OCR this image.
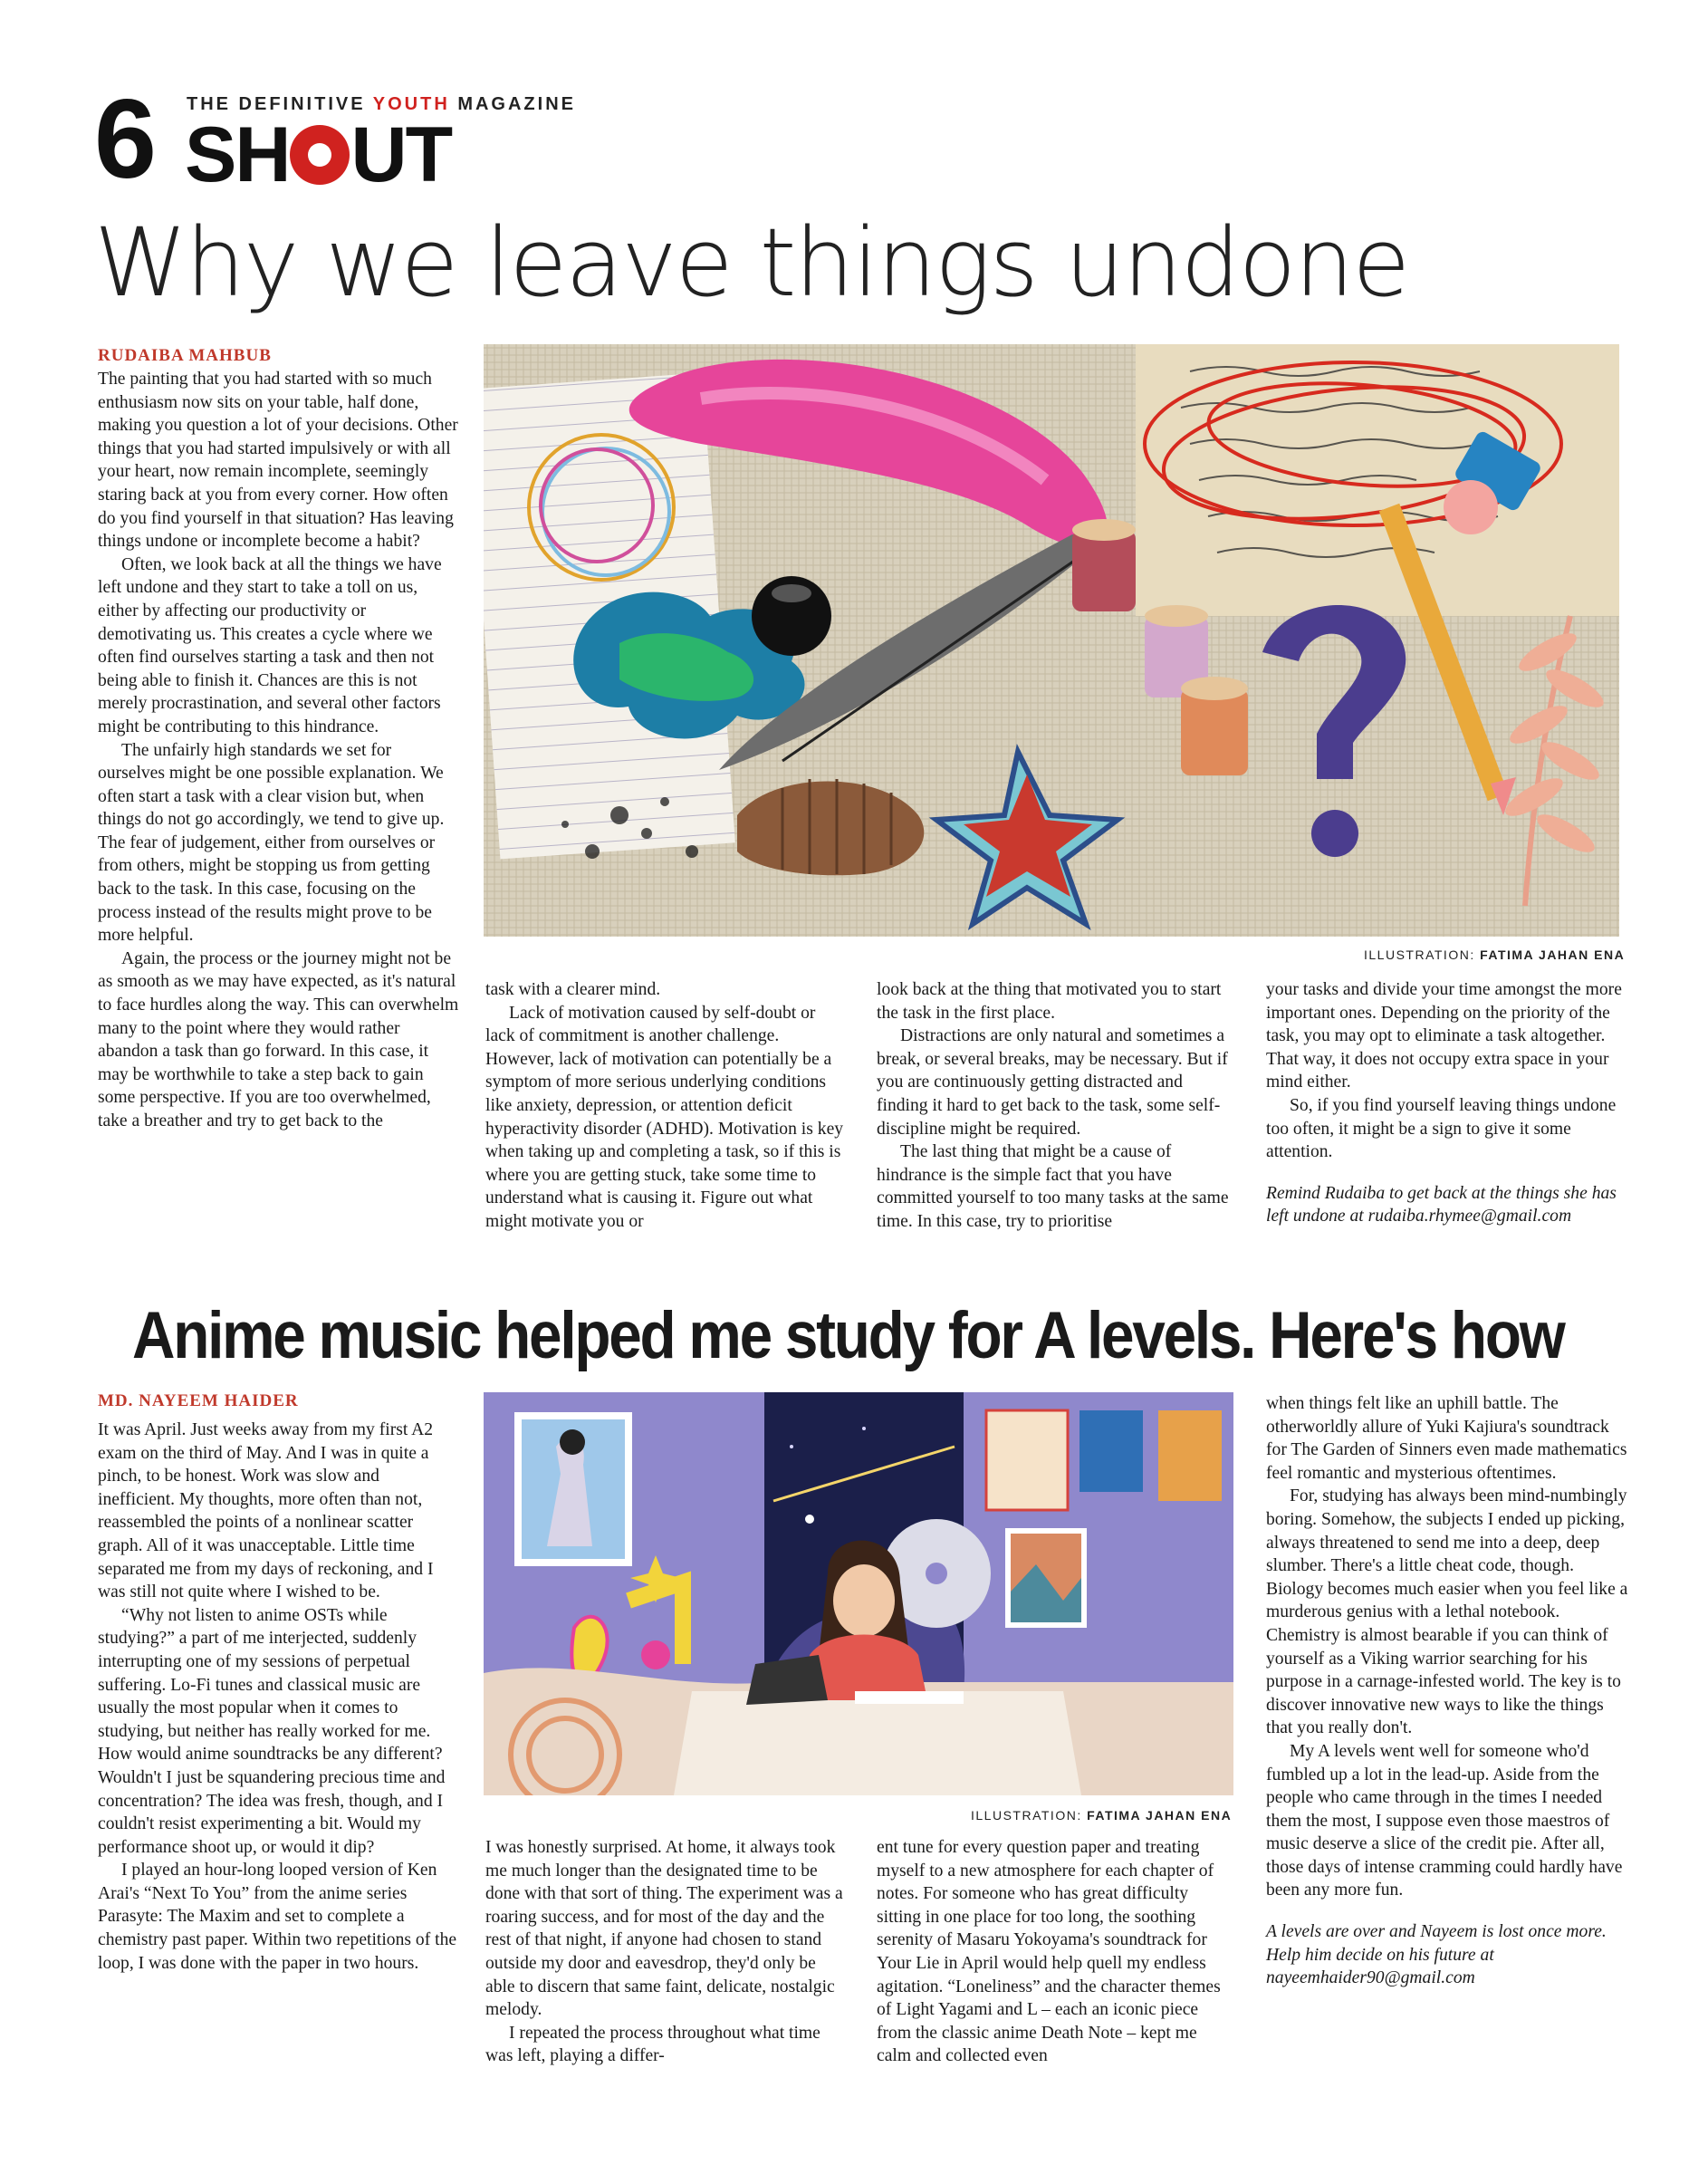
6 THE DEFINITIVE YOUTH MAGAZINE
SH UT
Why we leave things undone
RUDAIBA MAHBUB

The painting that you had started with so much enthusiasm now sits on your table, half done, making you question a lot of your decisions. Other things that you had started impulsively or with all your heart, now remain incomplete, seemingly staring back at you from every corner. How often do you find yourself in that situation? Has leaving things undone or incomplete become a habit?

Often, we look back at all the things we have left undone and they start to take a toll on us, either by affecting our productivity or demotivating us. This creates a cycle where we often find ourselves starting a task and then not being able to finish it. Chances are this is not merely procrastination, and several other factors might be contributing to this hindrance.

The unfairly high standards we set for ourselves might be one possible explanation. We often start a task with a clear vision but, when things do not go accordingly, we tend to give up. The fear of judgement, either from ourselves or from others, might be stopping us from getting back to the task. In this case, focusing on the process instead of the results might prove to be more helpful.

Again, the process or the journey might not be as smooth as we may have expected, as it's natural to face hurdles along the way. This can overwhelm many to the point where they would rather abandon a task than go forward. In this case, it may be worthwhile to take a step back to gain some perspective. If you are too overwhelmed, take a breather and try to get back to the

ILLUSTRATION: FATIMA JAHAN ENA

task with a clearer mind.

Lack of motivation caused by self-doubt or lack of commitment is another challenge. However, lack of motivation can potentially be a symptom of more serious underlying conditions like anxiety, depression, or attention deficit hyperactivity disorder (ADHD). Motivation is key when taking up and completing a task, so if this is where you are getting stuck, take some time to understand what is causing it. Figure out what might motivate you or

look back at the thing that motivated you to start the task in the first place.

Distractions are only natural and sometimes a break, or several breaks, may be necessary. But if you are continuously getting distracted and finding it hard to get back to the task, some self-discipline might be required.

The last thing that might be a cause of hindrance is the simple fact that you have committed yourself to too many tasks at the same time. In this case, try to prioritise

your tasks and divide your time amongst the more important ones. Depending on the priority of the task, you may opt to eliminate a task altogether. That way, it does not occupy extra space in your mind either.

So, if you find yourself leaving things undone too often, it might be a sign to give it some attention.

Remind Rudaiba to get back at the things she has left undone at rudaiba.rhymee@gmail.com

Anime music helped me study for A levels. Here's how
MD. NAYEEM HAIDER

It was April. Just weeks away from my first A2 exam on the third of May. And I was in quite a pinch, to be honest. Work was slow and inefficient. My thoughts, more often than not, reassembled the points of a nonlinear scatter graph. All of it was unacceptable. Little time separated me from my days of reckoning, and I was still not quite where I wished to be.

“Why not listen to anime OSTs while studying?” a part of me interjected, suddenly interrupting one of my sessions of perpetual suffering. Lo-Fi tunes and classical music are usually the most popular when it comes to studying, but neither has really worked for me. How would anime soundtracks be any different? Wouldn't I just be squandering precious time and concentration? The idea was fresh, though, and I couldn't resist experimenting a bit. Would my performance shoot up, or would it dip?

I played an hour-long looped version of Ken Arai's “Next To You” from the anime series Parasyte: The Maxim and set to complete a chemistry past paper. Within two repetitions of the loop, I was done with the paper in two hours.

ILLUSTRATION: FATIMA JAHAN ENA

I was honestly surprised. At home, it always took me much longer than the designated time to be done with that sort of thing. The experiment was a roaring success, and for most of the day and the rest of that night, if anyone had chosen to stand outside my door and eavesdrop, they'd only be able to discern that same faint, delicate, nostalgic melody.

I repeated the process throughout what time was left, playing a differ-

ent tune for every question paper and treating myself to a new atmosphere for each chapter of notes. For someone who has great difficulty sitting in one place for too long, the soothing serenity of Masaru Yokoyama's soundtrack for Your Lie in April would help quell my endless agitation. “Loneliness” and the character themes of Light Yagami and L – each an iconic piece from the classic anime Death Note – kept me calm and collected even

when things felt like an uphill battle. The otherworldly allure of Yuki Kajiura's soundtrack for The Garden of Sinners even made mathematics feel romantic and mysterious oftentimes.

For, studying has always been mind-numbingly boring. Somehow, the subjects I ended up picking, always threatened to send me into a deep, deep slumber. There's a little cheat code, though. Biology becomes much easier when you feel like a murderous genius with a lethal notebook. Chemistry is almost bearable if you can think of yourself as a Viking warrior searching for his purpose in a carnage-infested world. The key is to discover innovative new ways to like the things that you really don't.

My A levels went well for someone who'd fumbled up a lot in the lead-up. Aside from the people who came through in the times I needed them the most, I suppose even those maestros of music deserve a slice of the credit pie. After all, those days of intense cramming could hardly have been any more fun.

A levels are over and Nayeem is lost once more. Help him decide on his future at nayeemhaider90@gmail.com
